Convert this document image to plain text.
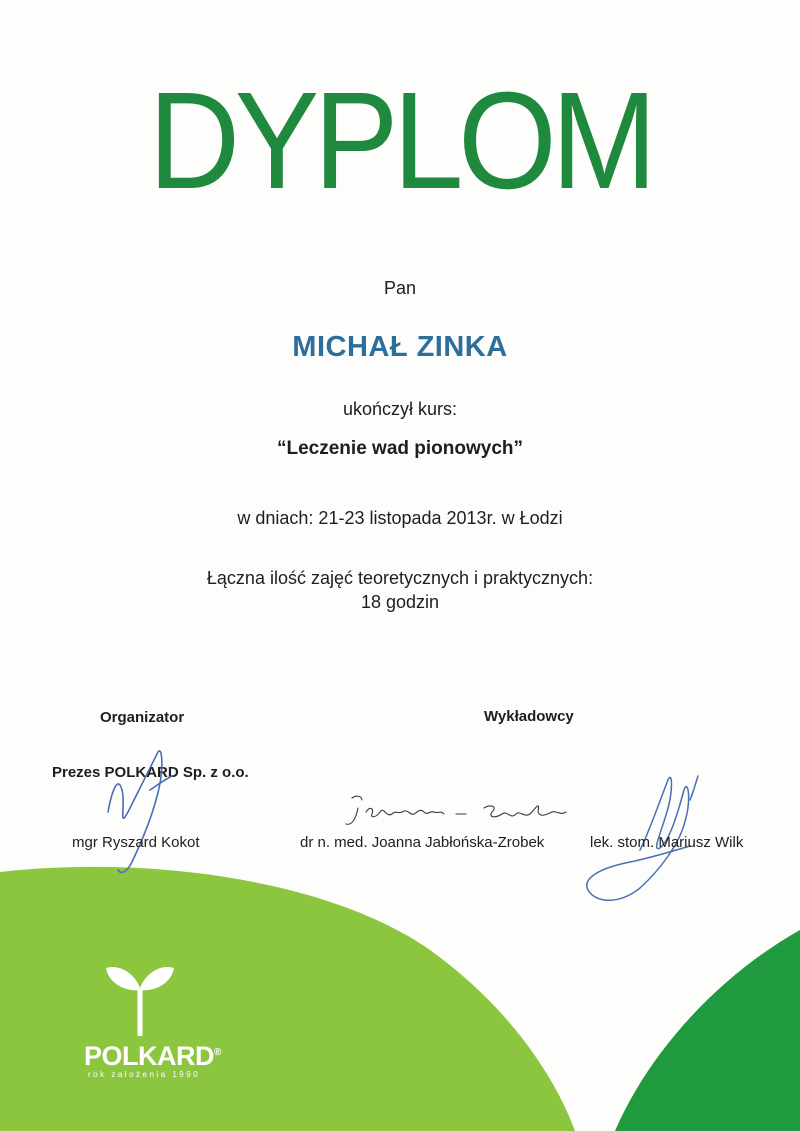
DYPLOM
Pan
MICHAŁ ZINKA
ukończył kurs:
“Leczenie wad pionowych”
w dniach: 21-23 listopada 2013r. w Łodzi
Łączna ilość zajęć teoretycznych i praktycznych:
18 godzin
Organizator	Wykładowcy
Prezes POLKARD Sp. z o.o.
mgr Ryszard Kokot	dr n. med. Joanna Jabłońska-Zrobek	lek. stom. Mariusz Wilk
POLKARD®
rok założenia 1990
